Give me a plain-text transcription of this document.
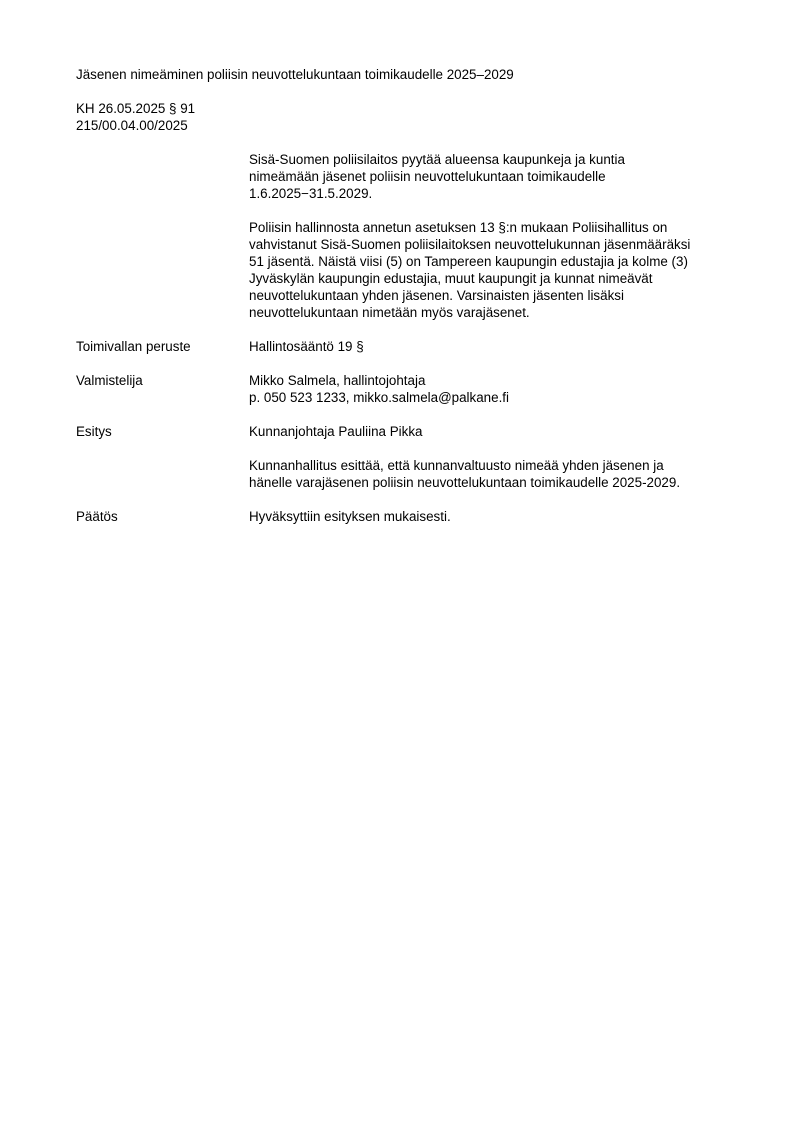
Jäsenen nimeäminen poliisin neuvottelukuntaan toimikaudelle 2025–2029
KH 26.05.2025 § 91
215/00.04.00/2025

Sisä-Suomen poliisilaitos pyytää alueensa kaupunkeja ja kuntia
nimeämään jäsenet poliisin neuvottelukuntaan toimikaudelle
1.6.2025−31.5.2029.

Poliisin hallinnosta annetun asetuksen 13 §:n mukaan Poliisihallitus on
vahvistanut Sisä-Suomen poliisilaitoksen neuvottelukunnan jäsenmääräksi
51 jäsentä. Näistä viisi (5) on Tampereen kaupungin edustajia ja kolme (3)
Jyväskylän kaupungin edustajia, muut kaupungit ja kunnat nimeävät
neuvottelukuntaan yhden jäsenen. Varsinaisten jäsenten lisäksi
neuvottelukuntaan nimetään myös varajäsenet.

Toimivallan peruste	Hallintosääntö 19 §
Valmistelija	Mikko Salmela, hallintojohtaja
p. 050 523 1233, mikko.salmela@palkane.fi
Esitys	Kunnanjohtaja Pauliina Pikka

Kunnanhallitus esittää, että kunnanvaltuusto nimeää yhden jäsenen ja
hänelle varajäsenen poliisin neuvottelukuntaan toimikaudelle 2025-2029.

Päätös	Hyväksyttiin esityksen mukaisesti.
